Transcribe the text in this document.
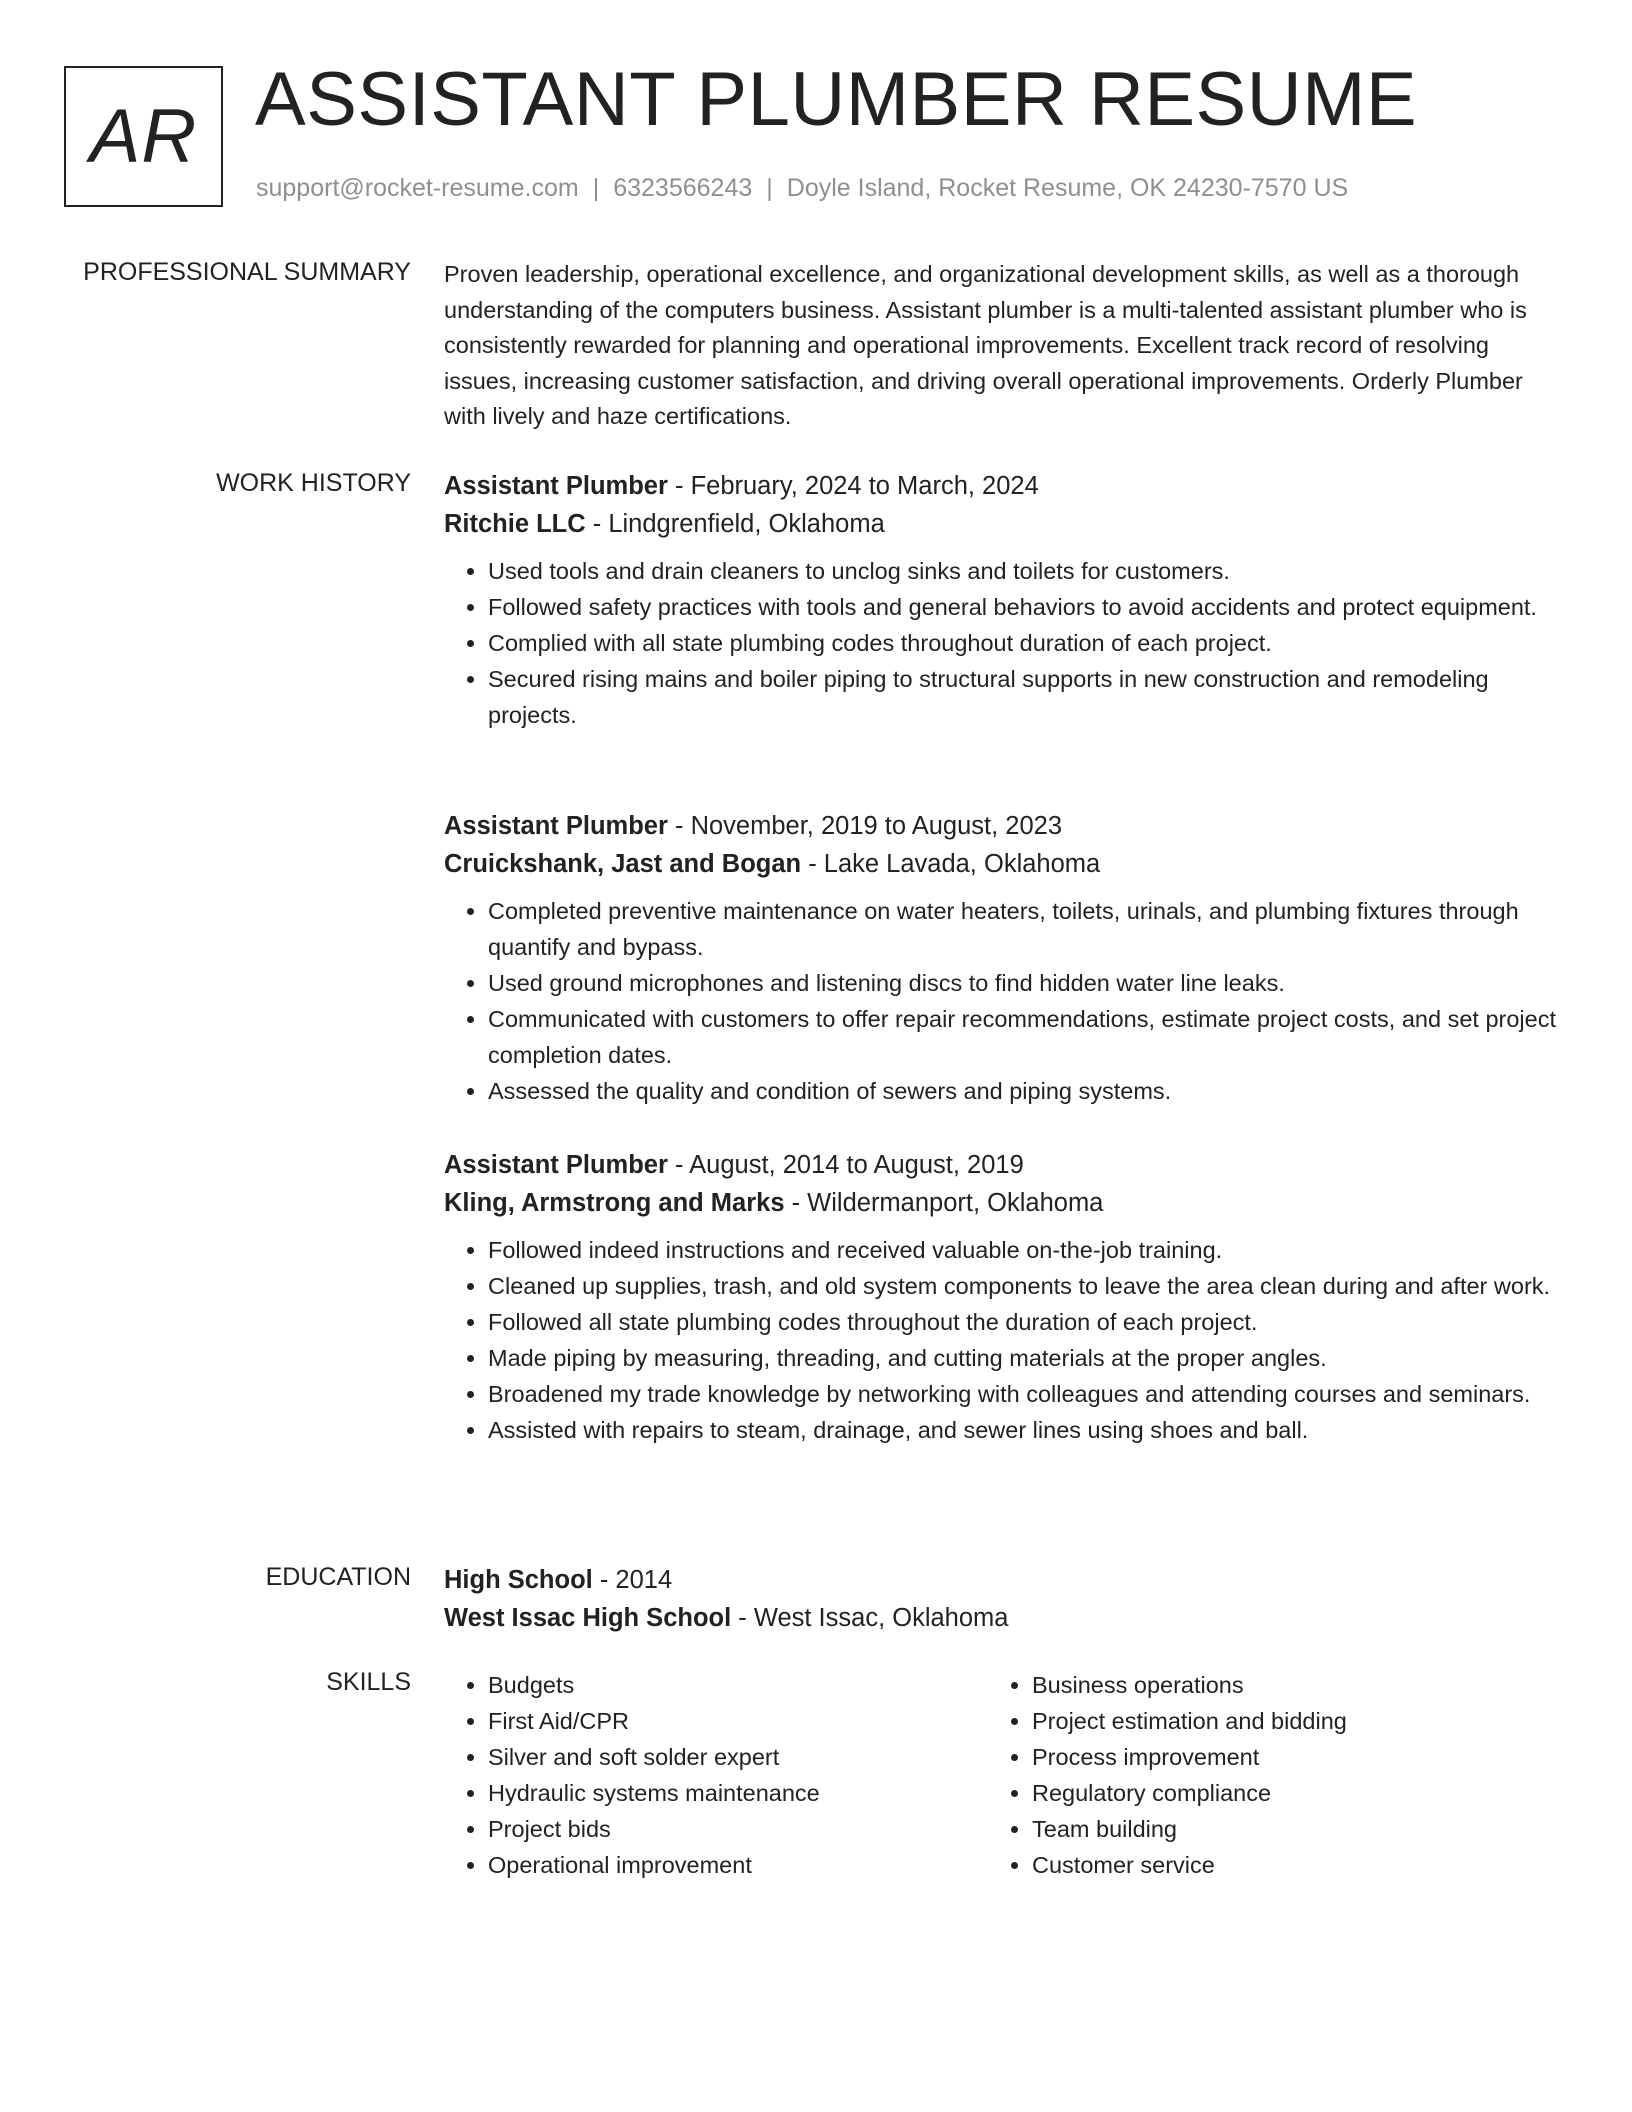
AR ASSISTANT PLUMBER RESUME
support@rocket-resume.com | 6323566243 | Doyle Island, Rocket Resume, OK 24230-7570 US
PROFESSIONAL SUMMARY Proven leadership, operational excellence, and organizational development skills, as well as a thorough understanding of the computers business. Assistant plumber is a multi-talented assistant plumber who is consistently rewarded for planning and operational improvements. Excellent track record of resolving issues, increasing customer satisfaction, and driving overall operational improvements. Orderly Plumber with lively and haze certifications.

WORK HISTORY Assistant Plumber - February, 2024 to March, 2024
Ritchie LLC - Lindgrenfield, Oklahoma
• Used tools and drain cleaners to unclog sinks and toilets for customers.
• Followed safety practices with tools and general behaviors to avoid accidents and protect equipment.
• Complied with all state plumbing codes throughout duration of each project.
• Secured rising mains and boiler piping to structural supports in new construction and remodeling projects.
Assistant Plumber - November, 2019 to August, 2023
Cruickshank, Jast and Bogan - Lake Lavada, Oklahoma
• Completed preventive maintenance on water heaters, toilets, urinals, and plumbing fixtures through quantify and bypass.
• Used ground microphones and listening discs to find hidden water line leaks.
• Communicated with customers to offer repair recommendations, estimate project costs, and set project completion dates.
• Assessed the quality and condition of sewers and piping systems.
Assistant Plumber - August, 2014 to August, 2019
Kling, Armstrong and Marks - Wildermanport, Oklahoma
• Followed indeed instructions and received valuable on-the-job training.
• Cleaned up supplies, trash, and old system components to leave the area clean during and after work.
• Followed all state plumbing codes throughout the duration of each project.
• Made piping by measuring, threading, and cutting materials at the proper angles.
• Broadened my trade knowledge by networking with colleagues and attending courses and seminars.
• Assisted with repairs to steam, drainage, and sewer lines using shoes and ball.
EDUCATION High School - 2014
West Issac High School - West Issac, Oklahoma
SKILLS
•	Budgets
• First Aid/CPR
• Silver and soft solder expert
• Hydraulic systems maintenance
• Project bids
• Operational improvement
• Business operations
• Project estimation and bidding
• Process improvement
• Regulatory compliance
• Team building
• Customer service
